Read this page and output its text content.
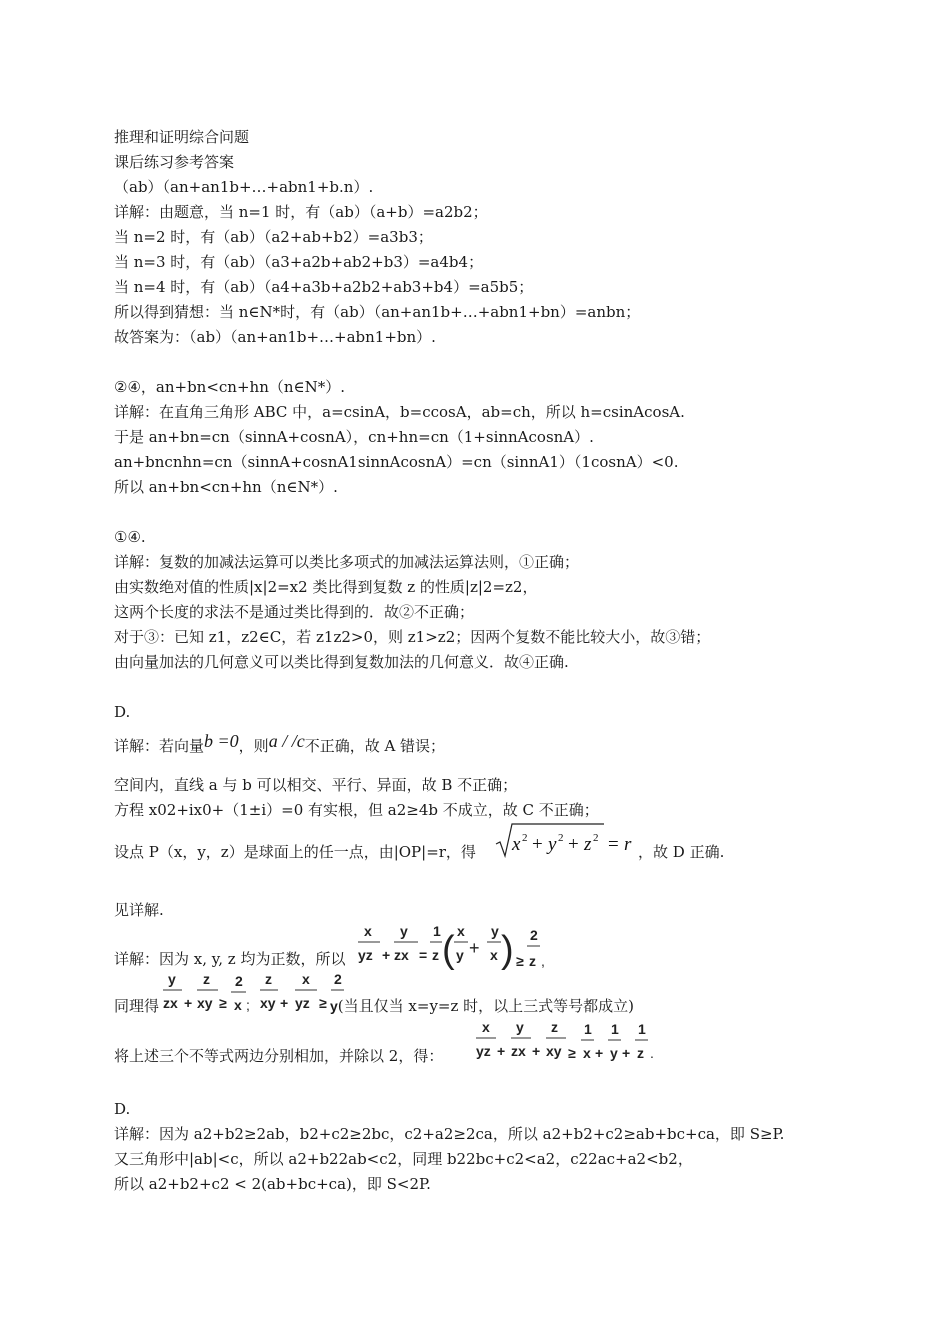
推理和证明综合问题
课后练习参考答案
（ab）（an+an1b+…+abn1+b.n）.
详解：由题意，当 n=1 时，有（ab）（a+b）=a2b2；
当 n=2 时，有（ab）（a2+ab+b2）=a3b3；
当 n=3 时，有（ab）（a3+a2b+ab2+b3）=a4b4；
当 n=4 时，有（ab）（a4+a3b+a2b2+ab3+b4）=a5b5；
所以得到猜想：当 n∈N*时，有（ab）（an+an1b+…+abn1+bn）=anbn；
故答案为：（ab）（an+an1b+…+abn1+bn）.
②④，an+bn<cn+hn（n∈N*）.
详解：在直角三角形 ABC 中，a=csinA，b=ccosA，ab=ch，所以 h=csinAcosA.
于是 an+bn=cn（sinnA+cosnA），cn+hn=cn（1+sinnAcosnA）.
an+bncnhn=cn（sinnA+cosnA1sinnAcosnA）=cn（sinnA1）（1cosnA）<0.
所以 an+bn<cn+hn（n∈N*）.
①④.
详解：复数的加减法运算可以类比多项式的加减法运算法则，①正确；
由实数绝对值的性质|x|2=x2 类比得到复数 z 的性质|z|2=z2，
这两个长度的求法不是通过类比得到的．故②不正确；
对于③：已知 z1，z2∈C，若 z1z2>0，则 z1>z2；因两个复数不能比较大小，故③错；
由向量加法的几何意义可以类比得到复数加法的几何意义．故④正确.
D.
详解：若向量b =0，则a / /c不正确，故 A 错误；
空间内，直线 a 与 b 可以相交、平行、异面，故 B 不正确；
方程 x02+ix0+（1±i）=0 有实根，但 a2≥4b 不成立，故 C 不正确；
设点 P（x，y，z）是球面上的任一点，由|OP|=r，得 x 2 + y 2 + z 2 = r ，故 D 正确.
见详解.
详解：因为 x, y, z 均为正数，所以
x
yz +
y
zx =
1
z ( x
y +
y
x ) ≥
2
z ,
同理得
y
zx +
z
xy ≥
2
x ;
z
xy +
x
yz ≥
2
y(当且仅当 x=y=z 时，以上三式等号都成立)
将上述三个不等式两边分别相加，并除以 2，得：
x
yz +
y
zx +
z
xy ≥
1
x +
1
y +
1
z .
D.
详解：因为 a2+b2≥2ab，b2+c2≥2bc，c2+a2≥2ca，所以 a2+b2+c2≥ab+bc+ca，即 S≥P.
又三角形中|ab|<c，所以 a2+b22ab<c2，同理 b22bc+c2<a2，c22ac+a2<b2，
所以 a2+b2+c2 < 2(ab+bc+ca)，即 S<2P.
